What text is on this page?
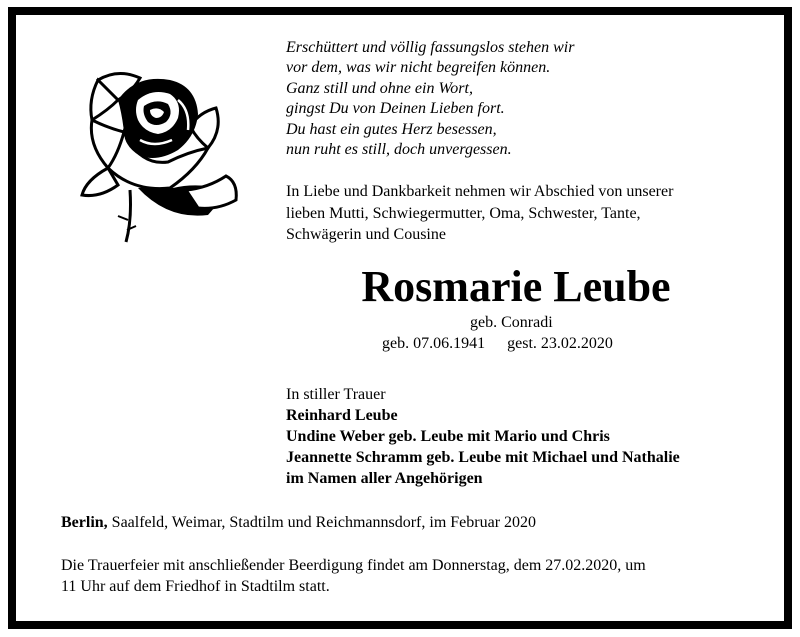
Erschüttert und völlig fassungslos stehen wir
vor dem, was wir nicht begreifen können.
Ganz still und ohne ein Wort,
gingst Du von Deinen Lieben fort.
Du hast ein gutes Herz besessen,
nun ruht es still, doch unvergessen.
In Liebe und Dankbarkeit nehmen wir Abschied von unserer
lieben Mutti, Schwiegermutter, Oma, Schwester, Tante,
Schwägerin und Cousine
Rosmarie Leube
geb. Conradi
geb. 07.06.1941 gest. 23.02.2020
In stiller Trauer
Reinhard Leube
Undine Weber geb. Leube mit Mario und Chris
Jeannette Schramm geb. Leube mit Michael und Nathalie
im Namen aller Angehörigen
Berlin, Saalfeld, Weimar, Stadtilm und Reichmannsdorf, im Februar 2020
Die Trauerfeier mit anschließender Beerdigung findet am Donnerstag, dem 27.02.2020, um
11 Uhr auf dem Friedhof in Stadtilm statt.
